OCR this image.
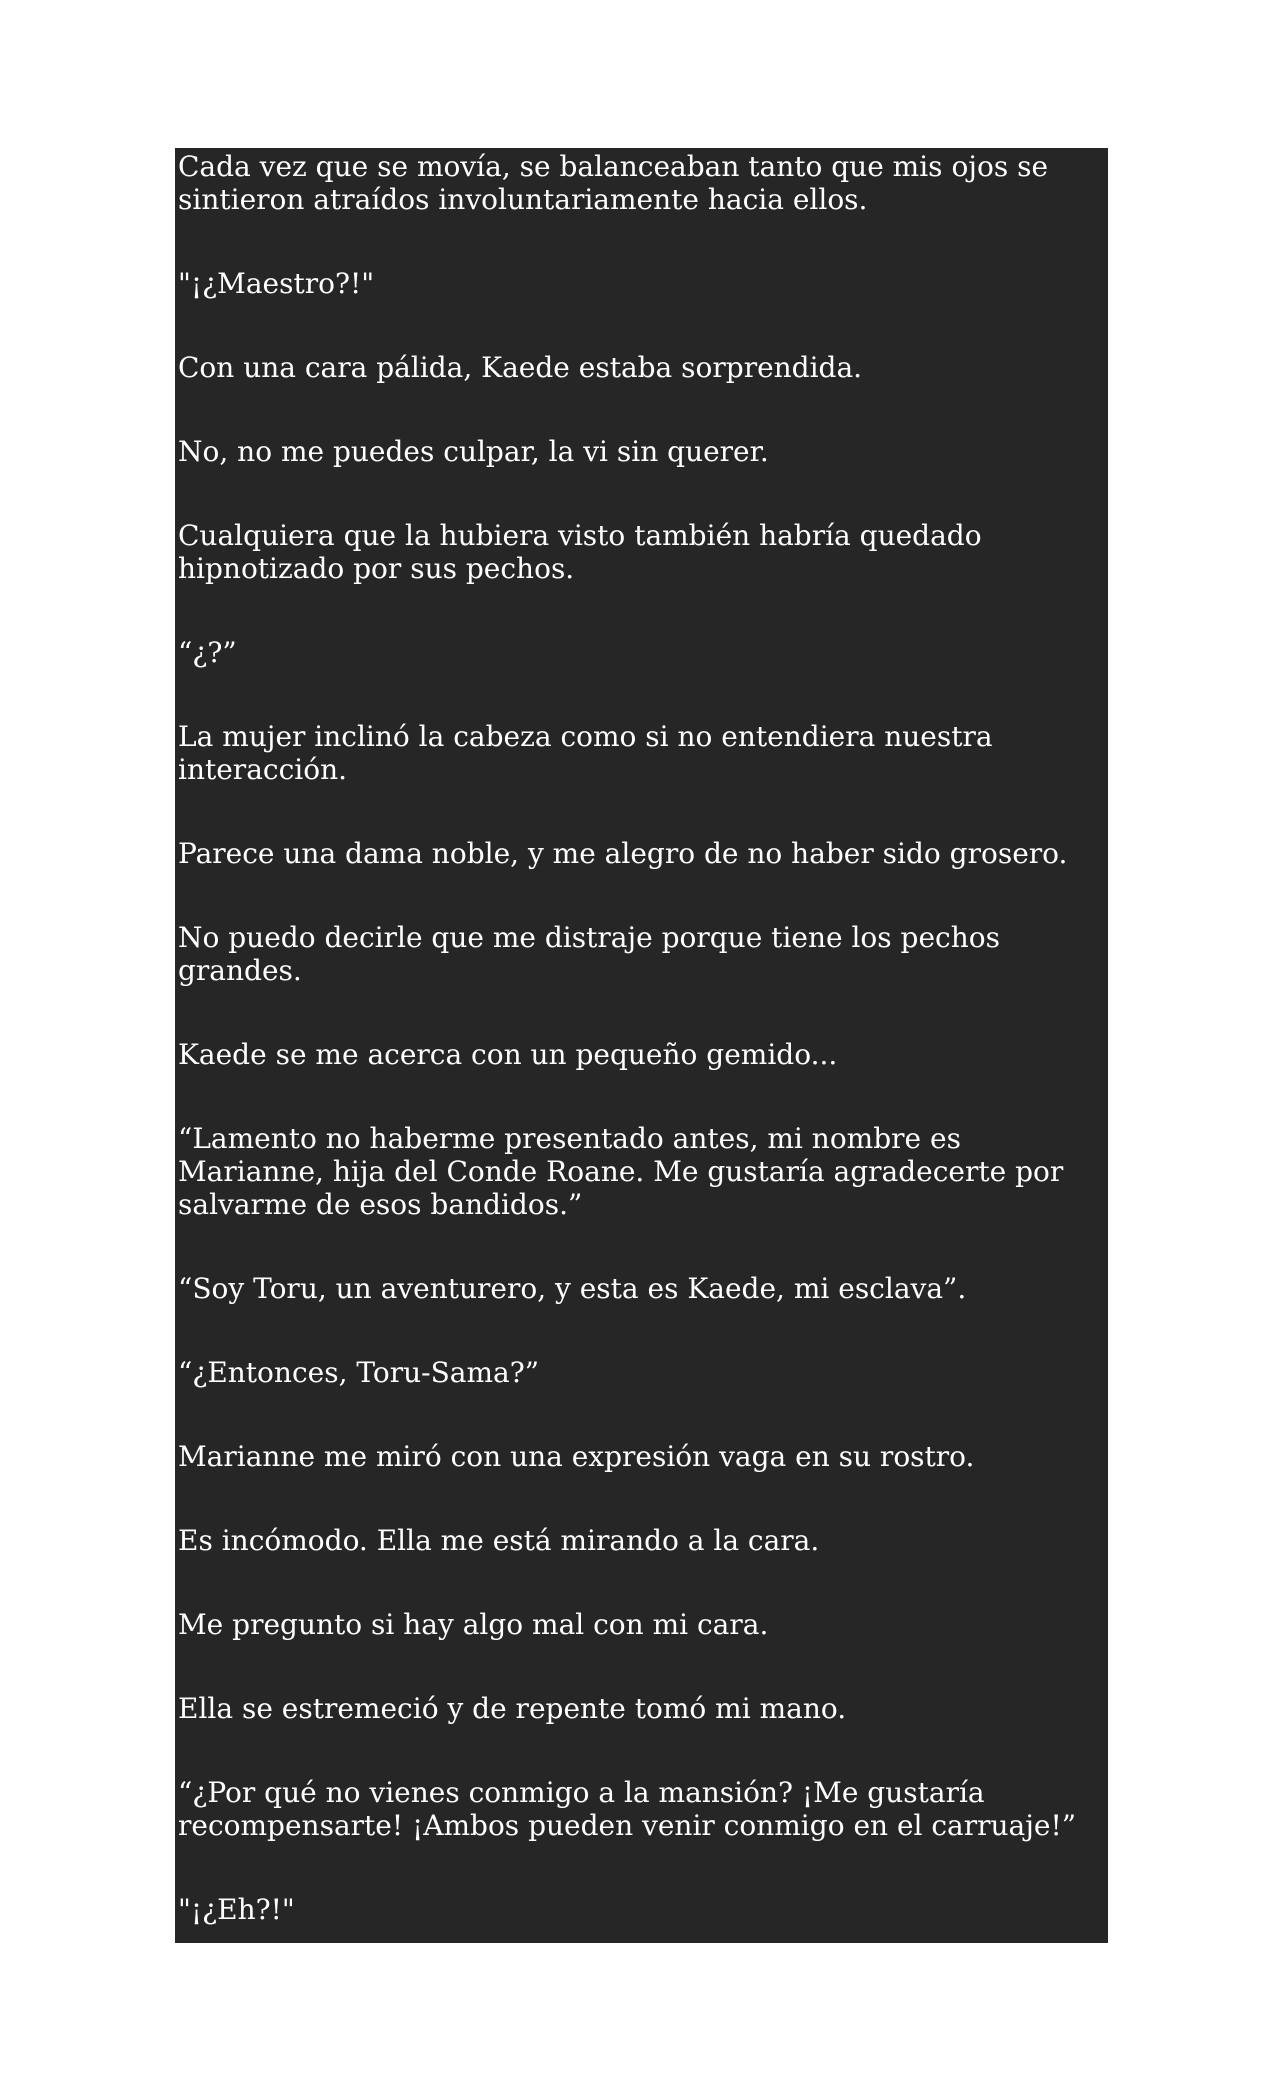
Cada vez que se movía, se balanceaban tanto que mis ojos se sintieron atraídos involuntariamente hacia ellos.

"¡¿Maestro?!"

Con una cara pálida, Kaede estaba sorprendida.

No, no me puedes culpar, la vi sin querer.

Cualquiera que la hubiera visto también habría quedado hipnotizado por sus pechos.

“¿?”

La mujer inclinó la cabeza como si no entendiera nuestra interacción.

Parece una dama noble, y me alegro de no haber sido grosero.

No puedo decirle que me distraje porque tiene los pechos grandes.

Kaede se me acerca con un pequeño gemido...

“Lamento no haberme presentado antes, mi nombre es Marianne, hija del Conde Roane. Me gustaría agradecerte por salvarme de esos bandidos.”

“Soy Toru, un aventurero, y esta es Kaede, mi esclava”.

“¿Entonces, Toru-Sama?”

Marianne me miró con una expresión vaga en su rostro.

Es incómodo. Ella me está mirando a la cara.

Me pregunto si hay algo mal con mi cara.

Ella se estremeció y de repente tomó mi mano.

“¿Por qué no vienes conmigo a la mansión? ¡Me gustaría recompensarte! ¡Ambos pueden venir conmigo en el carruaje!”

"¡¿Eh?!"

Me apretó la mano y me llevó con ella al carruaje.
